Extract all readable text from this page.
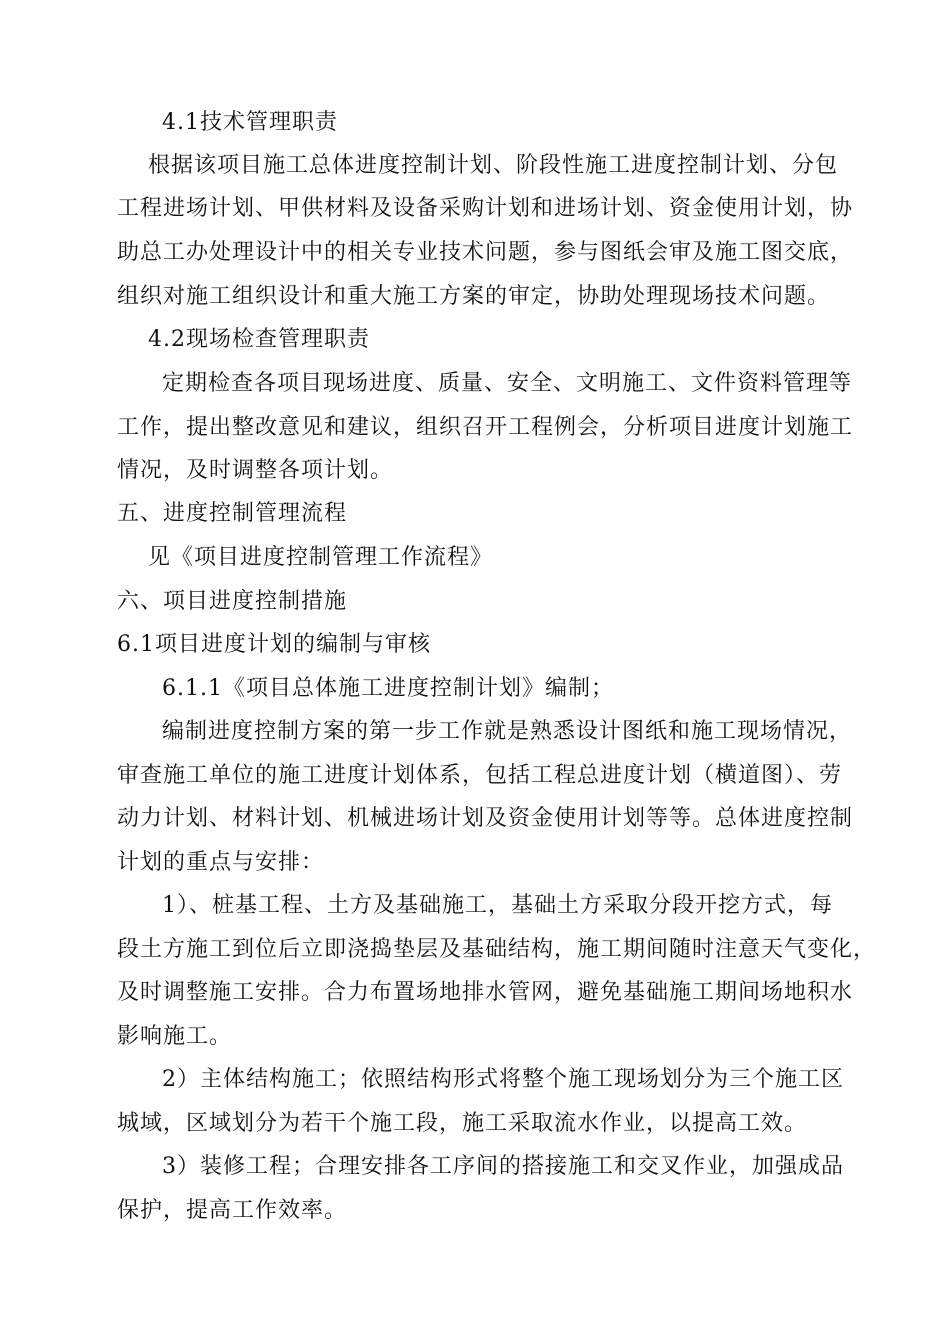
4.1技术管理职责
根据该项目施工总体进度控制计划、阶段性施工进度控制计划、分包
工程进场计划、甲供材料及设备采购计划和进场计划、资金使用计划，协
助总工办处理设计中的相关专业技术问题，参与图纸会审及施工图交底，
组织对施工组织设计和重大施工方案的审定，协助处理现场技术问题。
4.2现场检查管理职责
定期检查各项目现场进度、质量、安全、文明施工、文件资料管理等
工作，提出整改意见和建议，组织召开工程例会，分析项目进度计划施工
情况，及时调整各项计划。
五、进度控制管理流程
见《项目进度控制管理工作流程》
六、项目进度控制措施
6.1项目进度计划的编制与审核
6.1.1《项目总体施工进度控制计划》编制；
编制进度控制方案的第一步工作就是熟悉设计图纸和施工现场情况，
审查施工单位的施工进度计划体系，包括工程总进度计划（横道图）、劳
动力计划、材料计划、机械进场计划及资金使用计划等等。总体进度控制
计划的重点与安排：
1）、桩基工程、土方及基础施工，基础土方采取分段开挖方式，每
段土方施工到位后立即浇捣垫层及基础结构，施工期间随时注意天气变化，
及时调整施工安排。合力布置场地排水管网，避免基础施工期间场地积水
影响施工。
2）主体结构施工；依照结构形式将整个施工现场划分为三个施工区
城域，区域划分为若干个施工段，施工采取流水作业，以提高工效。
3）装修工程；合理安排各工序间的搭接施工和交叉作业，加强成品
保护，提高工作效率。
